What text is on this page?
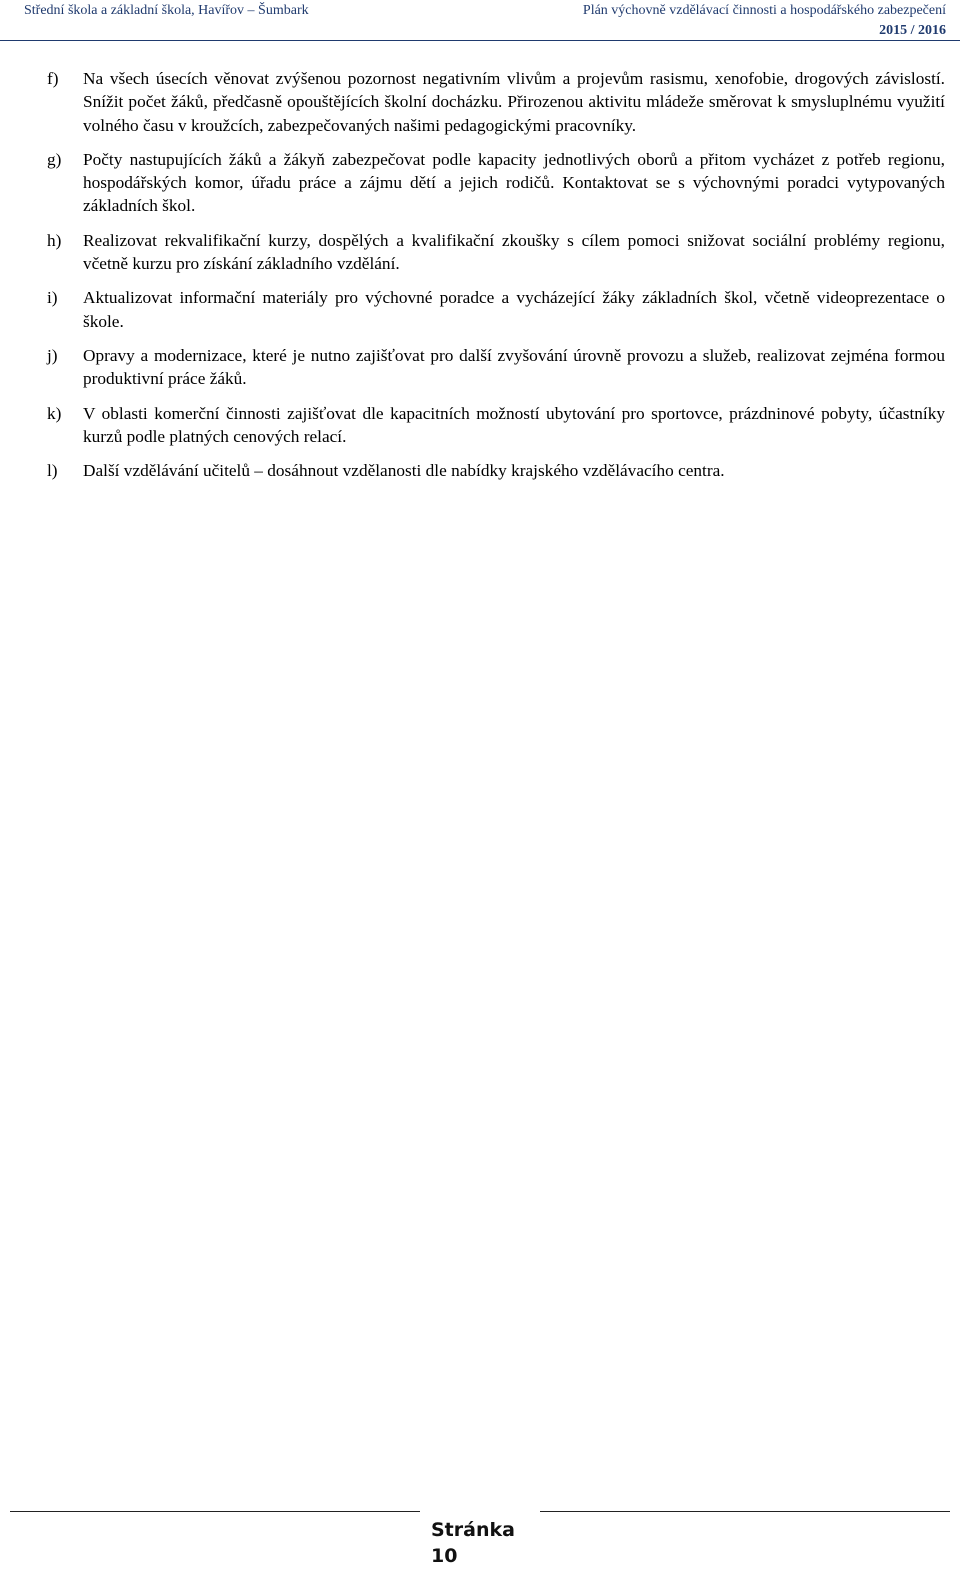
Střední škola a základní škola, Havířov – Šumbark	Plán výchovně vzdělávací činnosti a hospodářského zabezpečení
2015 / 2016
f) Na všech úsecích věnovat zvýšenou pozornost negativním vlivům a projevům rasismu, xenofobie, drogových závislostí. Snížit počet žáků, předčasně opouštějících školní docházku. Přirozenou aktivitu mládeže směrovat k smysluplnému využití volného času v kroužcích, zabezpečovaných našimi pedagogickými pracovníky.
g) Počty nastupujících žáků a žákyň zabezpečovat podle kapacity jednotlivých oborů a přitom vycházet z potřeb regionu, hospodářských komor, úřadu práce a zájmu dětí a jejich rodičů. Kontaktovat se s výchovnými poradci vytypovaných základních škol.
h) Realizovat rekvalifikační kurzy, dospělých a kvalifikační zkoušky s cílem pomoci snižovat sociální problémy regionu, včetně kurzu pro získání základního vzdělání.
i) Aktualizovat informační materiály pro výchovné poradce a vycházející žáky základních škol, včetně videoprezentace o škole.
j) Opravy a modernizace, které je nutno zajišťovat pro další zvyšování úrovně provozu a služeb, realizovat zejména formou produktivní práce žáků.
k) V oblasti komerční činnosti zajišťovat dle kapacitních možností ubytování pro sportovce, prázdninové pobyty, účastníky kurzů podle platných cenových relací.
l) Další vzdělávání učitelů – dosáhnout vzdělanosti dle nabídky krajského vzdělávacího centra.
Stránka
10
